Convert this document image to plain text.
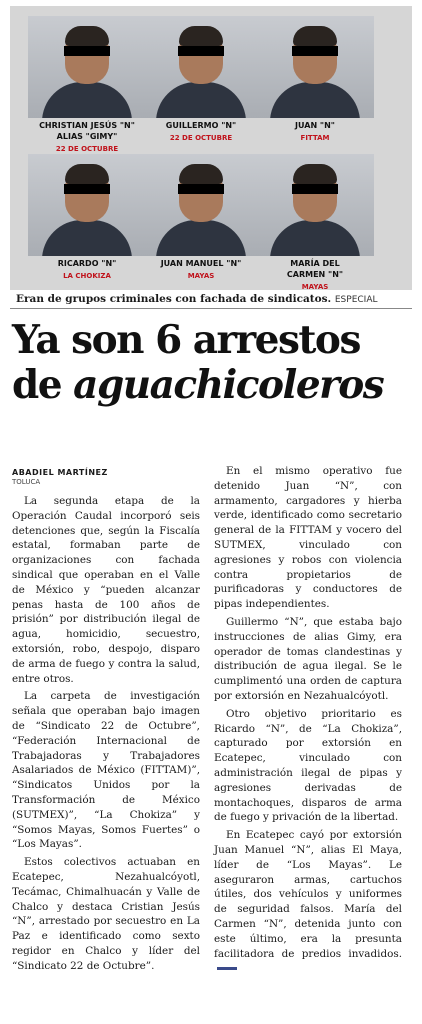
CHRISTIAN JESÚS "N"
ALIAS "GIMY"
22 DE OCTUBRE
GUILLERMO "N"
22 DE OCTUBRE
JUAN "N"
FITTAM
RICARDO "N"
LA CHOKIZA
JUAN MANUEL "N"
MAYAS
MARÍA DEL
CARMEN "N"
MAYAS
Eran de grupos criminales con fachada de sindicatos. ESPECIAL
Ya son 6 arrestos
de aguachicoleros
ABADIEL MARTÍNEZ
TOLUCA

La segunda etapa de la Operación Caudal incorporó seis detenciones que, según la Fiscalía estatal, formaban parte de organizaciones con fachada sindical que operaban en el Valle de México y “pueden alcanzar penas hasta de 100 años de prisión” por distribución ilegal de agua, homicidio, secuestro, extorsión, robo, despojo, disparo de arma de fuego y contra la salud, entre otros.

La carpeta de investigación señala que operaban bajo imagen de “Sindicato 22 de Octubre”, “Federación Internacional de Trabajadoras y Trabajadores Asalariados de México (FITTAM)”, “Sindicatos Unidos por la Transformación de México (SUTMEX)”, “La Chokiza” y “Somos Mayas, Somos Fuertes” o “Los Mayas”.

Estos colectivos actuaban en Ecatepec, Nezahualcóyotl, Tecámac, Chimalhuacán y Valle de Chalco y destaca Cristian Jesús “N”, arrestado por secuestro en La Paz e identificado como sexto regidor en Chalco y líder del “Sindicato 22 de Octubre”.

En el mismo operativo fue detenido Juan “N”, con armamento, cargadores y hierba verde, identificado como secretario general de la FITTAM y vocero del SUTMEX, vinculado con agresiones y robos con violencia contra propietarios de purificadoras y conductores de pipas independientes.

Guillermo “N”, que estaba bajo instrucciones de alias Gimy, era operador de tomas clandestinas y distribución de agua ilegal. Se le cumplimentó una orden de captura por extorsión en Nezahualcóyotl.

Otro objetivo prioritario es Ricardo “N”, de “La Chokiza”, capturado por extorsión en Ecatepec, vinculado con administración ilegal de pipas y agresiones derivadas de montachoques, disparos de arma de fuego y privación de la libertad.

En Ecatepec cayó por extorsión Juan Manuel “N”, alias El Maya, líder de “Los Mayas”. Le aseguraron armas, cartuchos útiles, dos vehículos y uniformes de seguridad falsos. María del Carmen “N”, detenida junto con este último, era la presunta facilitadora de predios invadidos.
